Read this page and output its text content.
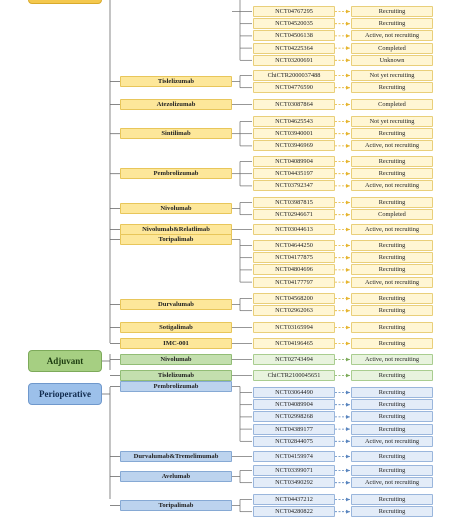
Adjuvant
Perioperative
NCT04767295	Recruiting
NCT04520035	Recruiting
NCT04506138	Active, not recruiting
NCT04225364	Completed
NCT03200691	Unknown
Tislelizumab
ChiCTR2000037488	Not yet recruiting
NCT04776590	Recruiting
Atezolizumab	NCT03087864	Completed
Sintilimab
NCT04625543	Not yet recruiting
NCT03940001	Recruiting
NCT03946969	Active, not recruiting
Pembrolizumab
NCT04089904	Recruiting
NCT04435197	Recruiting
NCT03792347	Active, not recruiting
Nivolumab
NCT03987815	Recruiting
NCT02946671	Completed
Nivolumab&Relatlimab	NCT03044613	Active, not recruiting
Toripalimab
NCT04644250	Recruiting
NCT04177875	Recruiting
NCT04804696	Recruiting
NCT04177797	Active, not recruiting
Durvalumab
NCT04568200	Recruiting
NCT02962063	Recruiting
Sotigalimab	NCT03165994	Recruiting
IMC-001	NCT04196465	Recruiting
Nivolumab	NCT02743494	Active, not recruiting
Tislelizumab	ChiCTR2100045651	Recruiting
Pembrolizumab
NCT03064490	Recruiting
NCT04089904	Recruiting
NCT02998268	Recruiting
NCT04389177	Recruiting
NCT02844075	Active, not recruiting
Durvalumab&Tremelimumab	NCT04159974	Recruiting
Avelumab
NCT03399071	Recruiting
NCT03490292	Active, not recruiting
Toripalimab
NCT04437212	Recruiting
NCT04280822	Recruiting
